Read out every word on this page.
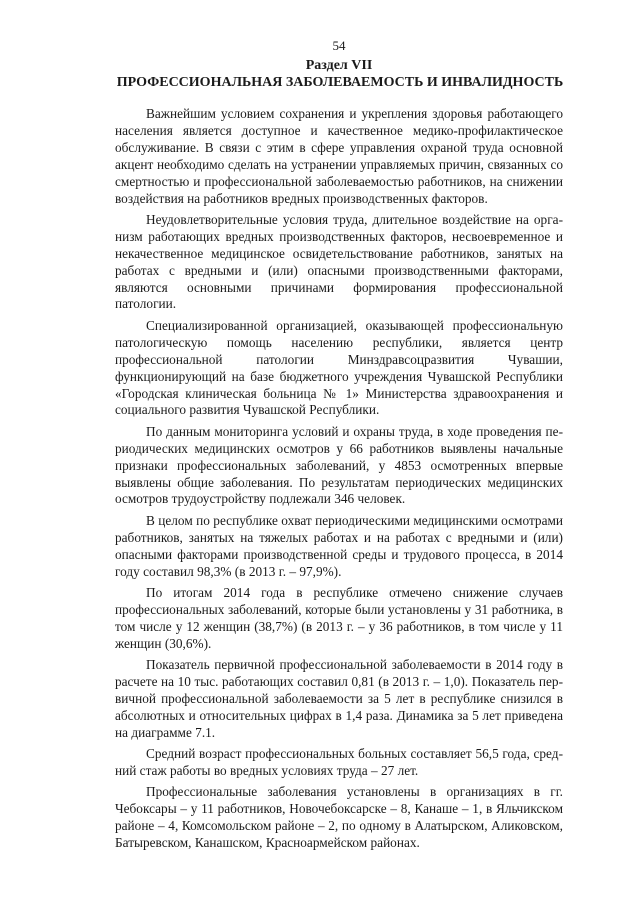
54
Раздел VII
ПРОФЕССИОНАЛЬНАЯ ЗАБОЛЕВАЕМОСТЬ И ИНВАЛИДНОСТЬ

Важнейшим условием сохранения и укрепления здоровья работающего населения является доступное и качественное медико-профилактическое обслуживание. В связи с этим в сфере управления охраной труда основной акцент необходимо сделать на устранении управляемых причин, связанных со смертностью и профессиональной заболеваемостью работников, на снижении воздействия на работников вредных производственных факторов.

Неудовлетворительные условия труда, длительное воздействие на организм работающих вредных производственных факторов, несвоевременное и некачественное медицинское освидетельствование работников, занятых на работах с вредными и (или) опасными производственными факторами, являются основными причинами формирования профессиональной патологии.

Специализированной организацией, оказывающей профессиональную патологическую помощь населению республики, является центр профессиональной патологии Минздравсоцразвития Чувашии, функционирующий на базе бюджетного учреждения Чувашской Республики «Городская клиническая больница № 1» Министерства здравоохранения и социального развития Чувашской Республики.

По данным мониторинга условий и охраны труда, в ходе проведения периодических медицинских осмотров у 66 работников выявлены начальные признаки профессиональных заболеваний, у 4853 осмотренных впервые выявлены общие заболевания. По результатам периодических медицинских осмотров трудоустройству подлежали 346 человек.

В целом по республике охват периодическими медицинскими осмотрами работников, занятых на тяжелых работах и на работах с вредными и (или) опасными факторами производственной среды и трудового процесса, в 2014 году составил 98,3% (в 2013 г. – 97,9%).

По итогам 2014 года в республике отмечено снижение случаев профессиональных заболеваний, которые были установлены у 31 работника, в том числе у 12 женщин (38,7%) (в 2013 г. – у 36 работников, в том числе у 11 женщин (30,6%).

Показатель первичной профессиональной заболеваемости в 2014 году в расчете на 10 тыс. работающих составил 0,81 (в 2013 г. – 1,0). Показатель первичной профессиональной заболеваемости за 5 лет в республике снизился в абсолютных и относительных цифрах в 1,4 раза. Динамика за 5 лет приведена на диаграмме 7.1.

Средний возраст профессиональных больных составляет 56,5 года, средний стаж работы во вредных условиях труда – 27 лет.

Профессиональные заболевания установлены в организациях в гг. Чебоксары – у 11 работников, Новочебоксарске – 8, Канаше – 1, в Яльчикском районе – 4, Комсомольском районе – 2, по одному в Алатырском, Аликовском, Батыревском, Канашском, Красноармейском районах.
